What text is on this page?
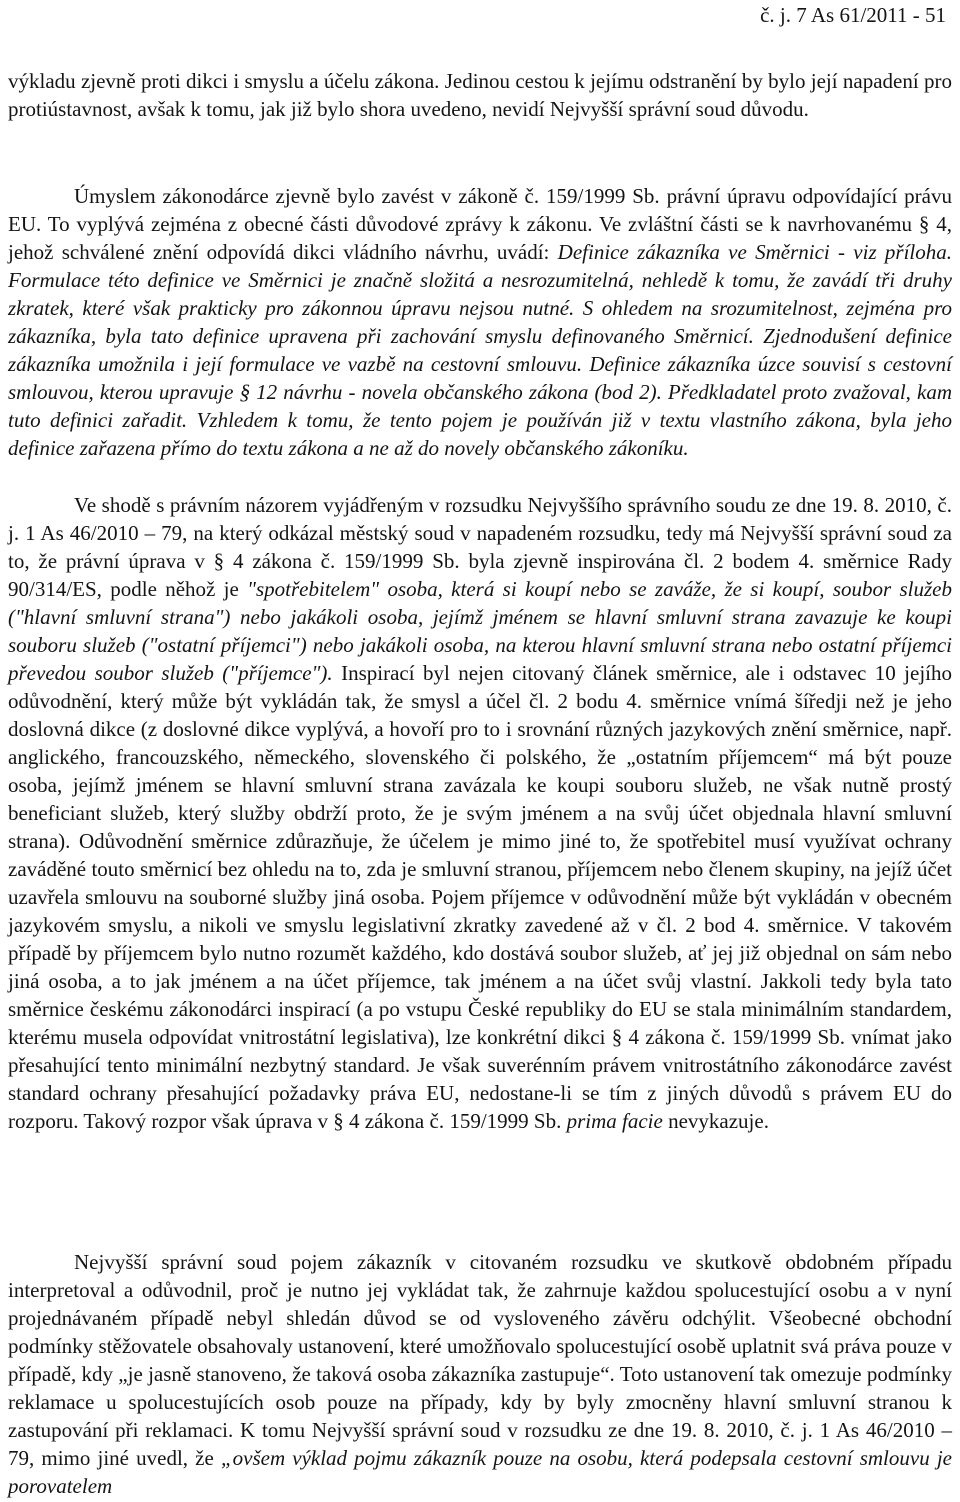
č. j. 7 As 61/2011 - 51

výkladu zjevně proti dikci i smyslu a účelu zákona. Jedinou cestou k jejímu odstranění by bylo její napadení pro protiústavnost, avšak k tomu, jak již bylo shora uvedeno, nevidí Nejvyšší správní soud důvodu.

Úmyslem zákonodárce zjevně bylo zavést v zákoně č. 159/1999 Sb. právní úpravu odpovídající právu EU. To vyplývá zejména z obecné části důvodové zprávy k zákonu. Ve zvláštní části se k navrhovanému § 4, jehož schválené znění odpovídá dikci vládního návrhu, uvádí: Definice zákazníka ve Směrnici - viz příloha. Formulace této definice ve Směrnici je značně složitá a nesrozumitelná, nehledě k tomu, že zavádí tři druhy zkratek, které však prakticky pro zákonnou úpravu nejsou nutné. S ohledem na srozumitelnost, zejména pro zákazníka, byla tato definice upravena při zachování smyslu definovaného Směrnicí. Zjednodušení definice zákazníka umožnila i její formulace ve vazbě na cestovní smlouvu. Definice zákazníka úzce souvisí s cestovní smlouvou, kterou upravuje § 12 návrhu - novela občanského zákona (bod 2). Předkladatel proto zvažoval, kam tuto definici zařadit. Vzhledem k tomu, že tento pojem je používán již v textu vlastního zákona, byla jeho definice zařazena přímo do textu zákona a ne až do novely občanského zákoníku.

Ve shodě s právním názorem vyjádřeným v rozsudku Nejvyššího správního soudu ze dne 19. 8. 2010, č. j. 1 As 46/2010 – 79, na který odkázal městský soud v napadeném rozsudku, tedy má Nejvyšší správní soud za to, že právní úprava v § 4 zákona č. 159/1999 Sb. byla zjevně inspirována čl. 2 bodem 4. směrnice Rady 90/314/ES, podle něhož je "spotřebitelem" osoba, která si koupí nebo se zaváže, že si koupí, soubor služeb ("hlavní smluvní strana") nebo jakákoli osoba, jejímž jménem se hlavní smluvní strana zavazuje ke koupi souboru služeb ("ostatní příjemci") nebo jakákoli osoba, na kterou hlavní smluvní strana nebo ostatní příjemci převedou soubor služeb ("příjemce"). Inspirací byl nejen citovaný článek směrnice, ale i odstavec 10 jejího odůvodnění, který může být vykládán tak, že smysl a účel čl. 2 bodu 4. směrnice vnímá šíředji než je jeho doslovná dikce (z doslovné dikce vyplývá, a hovoří pro to i srovnání různých jazykových znění směrnice, např. anglického, francouzského, německého, slovenského či polského, že „ostatním příjemcem“ má být pouze osoba, jejímž jménem se hlavní smluvní strana zavázala ke koupi souboru služeb, ne však nutně prostý beneficiant služeb, který služby obdrží proto, že je svým jménem a na svůj účet objednala hlavní smluvní strana). Odůvodnění směrnice zdůrazňuje, že účelem je mimo jiné to, že spotřebitel musí využívat ochrany zaváděné touto směrnicí bez ohledu na to, zda je smluvní stranou, příjemcem nebo členem skupiny, na jejíž účet uzavřela smlouvu na souborné služby jiná osoba. Pojem příjemce v odůvodnění může být vykládán v obecném jazykovém smyslu, a nikoli ve smyslu legislativní zkratky zavedené až v čl. 2 bod 4. směrnice. V takovém případě by příjemcem bylo nutno rozumět každého, kdo dostává soubor služeb, ať jej již objednal on sám nebo jiná osoba, a to jak jménem a na účet příjemce, tak jménem a na účet svůj vlastní. Jakkoli tedy byla tato směrnice českému zákonodárci inspirací (a po vstupu České republiky do EU se stala minimálním standardem, kterému musela odpovídat vnitrostátní legislativa), lze konkrétní dikci § 4 zákona č. 159/1999 Sb. vnímat jako přesahující tento minimální nezbytný standard. Je však suverénním právem vnitrostátního zákonodárce zavést standard ochrany přesahující požadavky práva EU, nedostane-li se tím z jiných důvodů s právem EU do rozporu. Takový rozpor však úprava v § 4 zákona č. 159/1999 Sb. prima facie nevykazuje.

Nejvyšší správní soud pojem zákazník v citovaném rozsudku ve skutkově obdobném případu interpretoval a odůvodnil, proč je nutno jej vykládat tak, že zahrnuje každou spolucestující osobu a v nyní projednávaném případě nebyl shledán důvod se od vysloveného závěru odchýlit. Všeobecné obchodní podmínky stěžovatele obsahovaly ustanovení, které umožňovalo spolucestující osobě uplatnit svá práva pouze v případě, kdy „je jasně stanoveno, že taková osoba zákazníka zastupuje“. Toto ustanovení tak omezuje podmínky reklamace u spolucestujících osob pouze na případy, kdy by byly zmocněny hlavní smluvní stranou k zastupování při reklamaci. K tomu Nejvyšší správní soud v rozsudku ze dne 19. 8. 2010, č. j. 1 As 46/2010 – 79, mimo jiné uvedl, že „ovšem výklad pojmu zákazník pouze na osobu, která podepsala cestovní smlouvu je porovatelem
